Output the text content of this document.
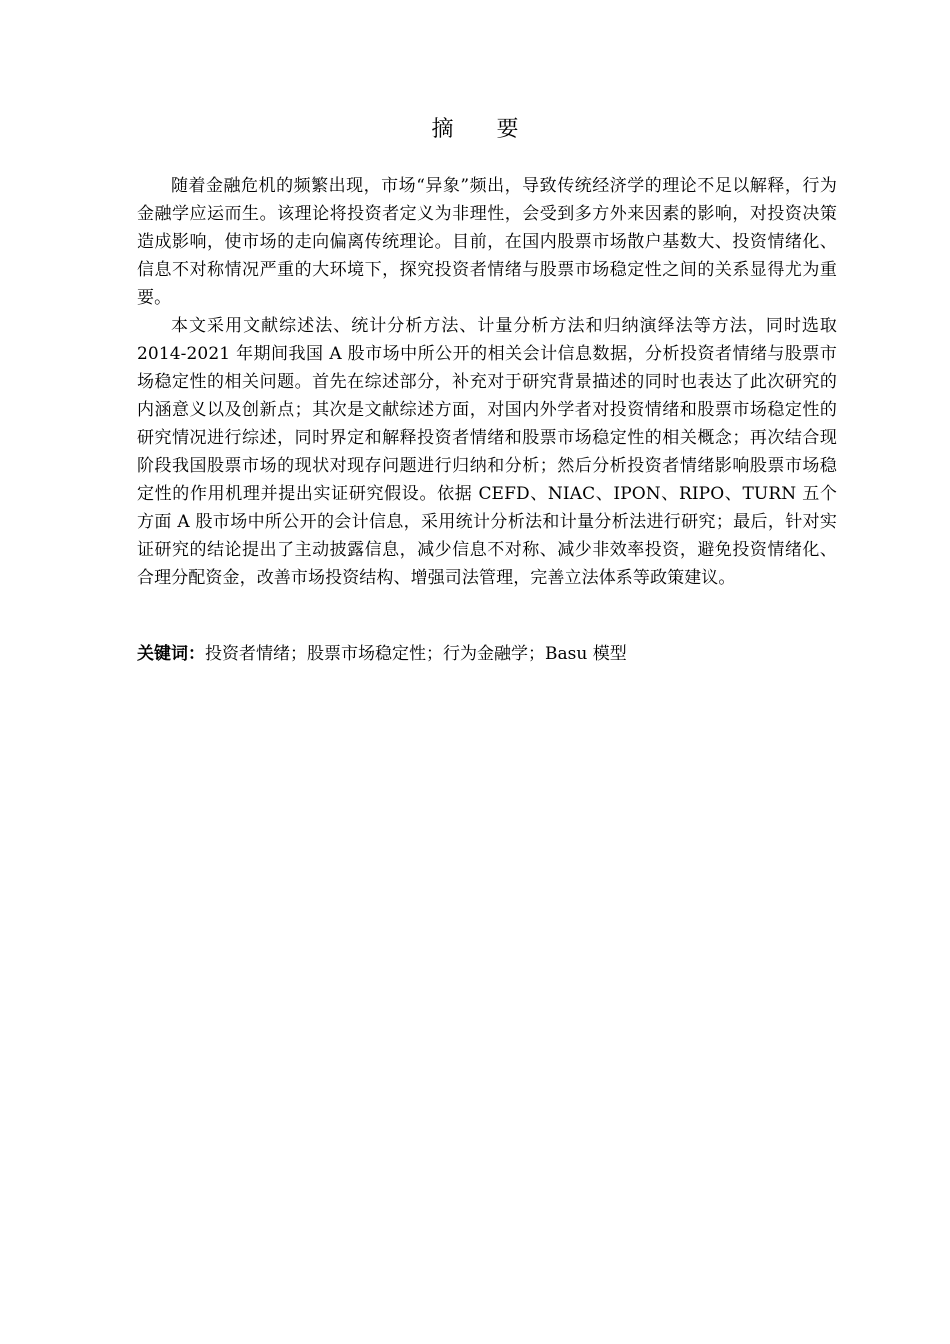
摘 要

随着金融危机的频繁出现，市场“异象”频出，导致传统经济学的理论不足以解释，行为金融学应运而生。该理论将投资者定义为非理性，会受到多方外来因素的影响，对投资决策造成影响，使市场的走向偏离传统理论。目前，在国内股票市场散户基数大、投资情绪化、信息不对称情况严重的大环境下，探究投资者情绪与股票市场稳定性之间的关系显得尤为重要。

本文采用文献综述法、统计分析方法、计量分析方法和归纳演绎法等方法，同时选取 2014-2021 年期间我国 A 股市场中所公开的相关会计信息数据，分析投资者情绪与股票市场稳定性的相关问题。首先在综述部分，补充对于研究背景描述的同时也表达了此次研究的内涵意义以及创新点；其次是文献综述方面，对国内外学者对投资情绪和股票市场稳定性的研究情况进行综述，同时界定和解释投资者情绪和股票市场稳定性的相关概念；再次结合现阶段我国股票市场的现状对现存问题进行归纳和分析；然后分析投资者情绪影响股票市场稳定性的作用机理并提出实证研究假设。依据 CEFD、NIAC、IPON、RIPO、TURN 五个方面 A 股市场中所公开的会计信息，采用统计分析法和计量分析法进行研究；最后，针对实证研究的结论提出了主动披露信息，减少信息不对称、减少非效率投资，避免投资情绪化、合理分配资金，改善市场投资结构、增强司法管理，完善立法体系等政策建议。

关键词：投资者情绪；股票市场稳定性；行为金融学；Basu 模型
